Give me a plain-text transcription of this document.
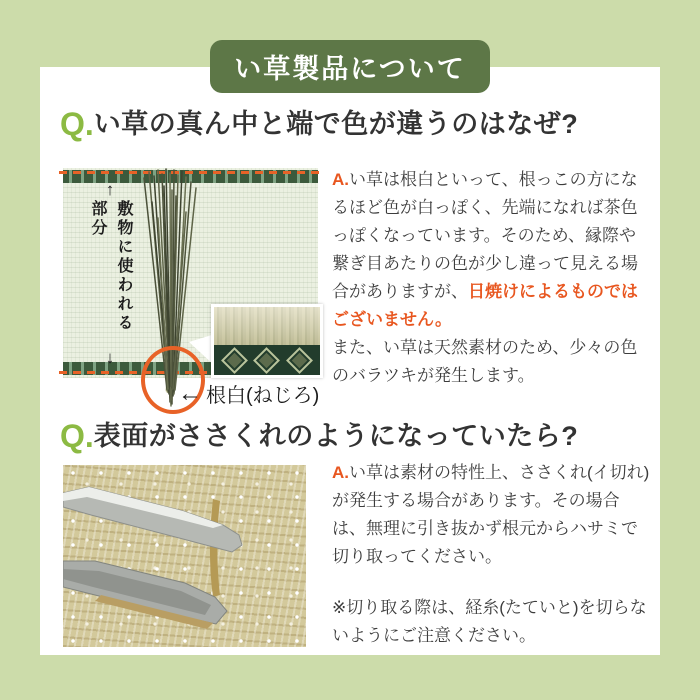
い草製品について
Q.い草の真ん中と端で色が違うのはなぜ?
↑
敷物に使われる部分
↓
← 根白(ねじろ)

A.い草は根白といって、根っこの方になるほど色が白っぽく、先端になれば茶色っぽくなっています。そのため、縁際や繋ぎ目あたりの色が少し違って見える場合がありますが、日焼けによるものではございません。

また、い草は天然素材のため、少々の色のバラツキが発生します。

Q.表面がささくれのようになっていたら?

A.い草は素材の特性上、ささくれ(イ切れ)が発生する場合があります。その場合は、無理に引き抜かず根元からハサミで切り取ってください。

※切り取る際は、経糸(たていと)を切らないようにご注意ください。
